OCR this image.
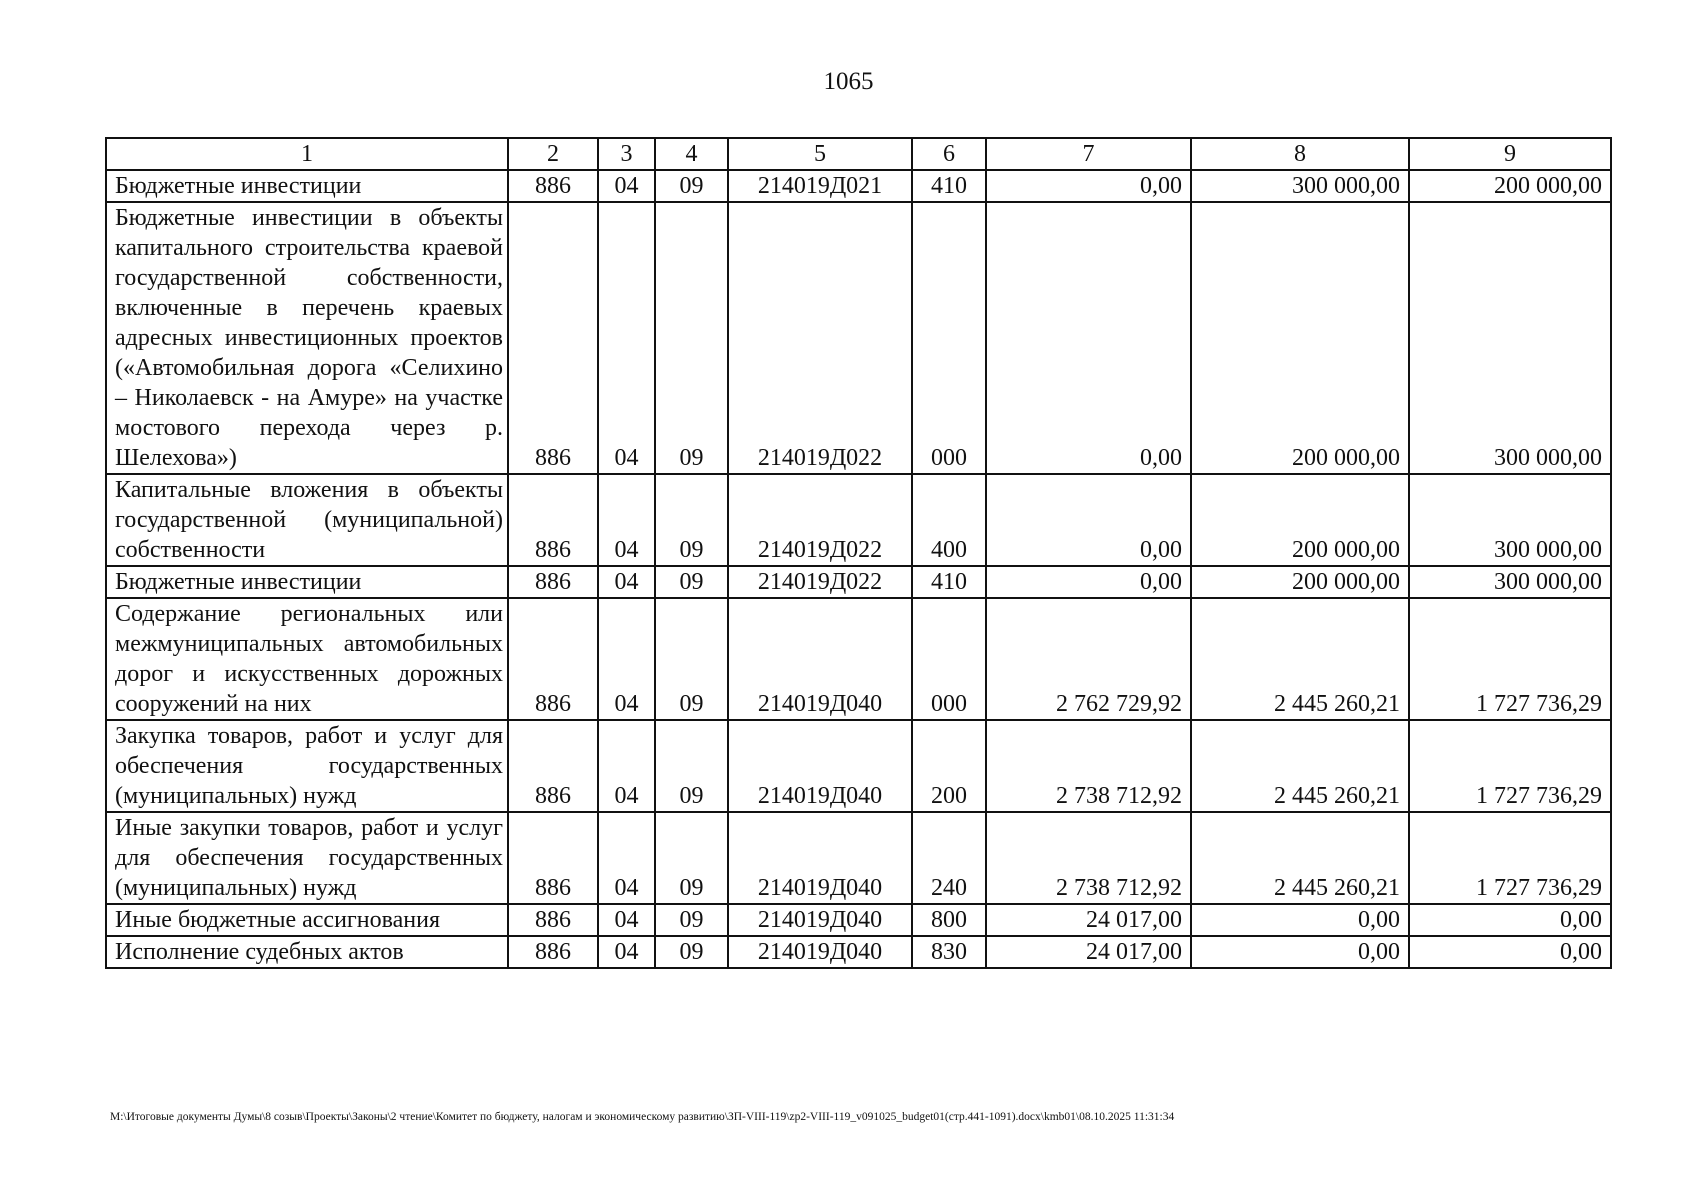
1065
1	2	3	4	5	6	7	8	9
Бюджетные инвестиции	886	04	09	214019Д021	410	0,00	300 000,00	200 000,00
Бюджетные инвестиции в объекты капитального строительства краевой государственной собственности, включенные в перечень краевых адресных инвестиционных проектов («Автомобильная дорога «Селихино – Николаевск - на Амуре» на участке мостового перехода через р. Шелехова»)	886	04	09	214019Д022	000	0,00	200 000,00	300 000,00
Капитальные вложения в объекты государственной (муниципальной) собственности	886	04	09	214019Д022	400	0,00	200 000,00	300 000,00
Бюджетные инвестиции	886	04	09	214019Д022	410	0,00	200 000,00	300 000,00
Содержание региональных или межмуниципальных автомобильных дорог и искусственных дорожных сооружений на них	886	04	09	214019Д040	000	2 762 729,92	2 445 260,21	1 727 736,29
Закупка товаров, работ и услуг для обеспечения государственных (муниципальных) нужд	886	04	09	214019Д040	200	2 738 712,92	2 445 260,21	1 727 736,29
Иные закупки товаров, работ и услуг для обеспечения государственных (муниципальных) нужд	886	04	09	214019Д040	240	2 738 712,92	2 445 260,21	1 727 736,29
Иные бюджетные ассигнования	886	04	09	214019Д040	800	24 017,00	0,00	0,00
Исполнение судебных актов	886	04	09	214019Д040	830	24 017,00	0,00	0,00
M:\Итоговые документы Думы\8 созыв\Проекты\Законы\2 чтение\Комитет по бюджету, налогам и экономическому развитию\ЗП-VIII-119\zp2-VIII-119_v091025_budget01(стр.441-1091).docx\kmb01\08.10.2025 11:31:34
